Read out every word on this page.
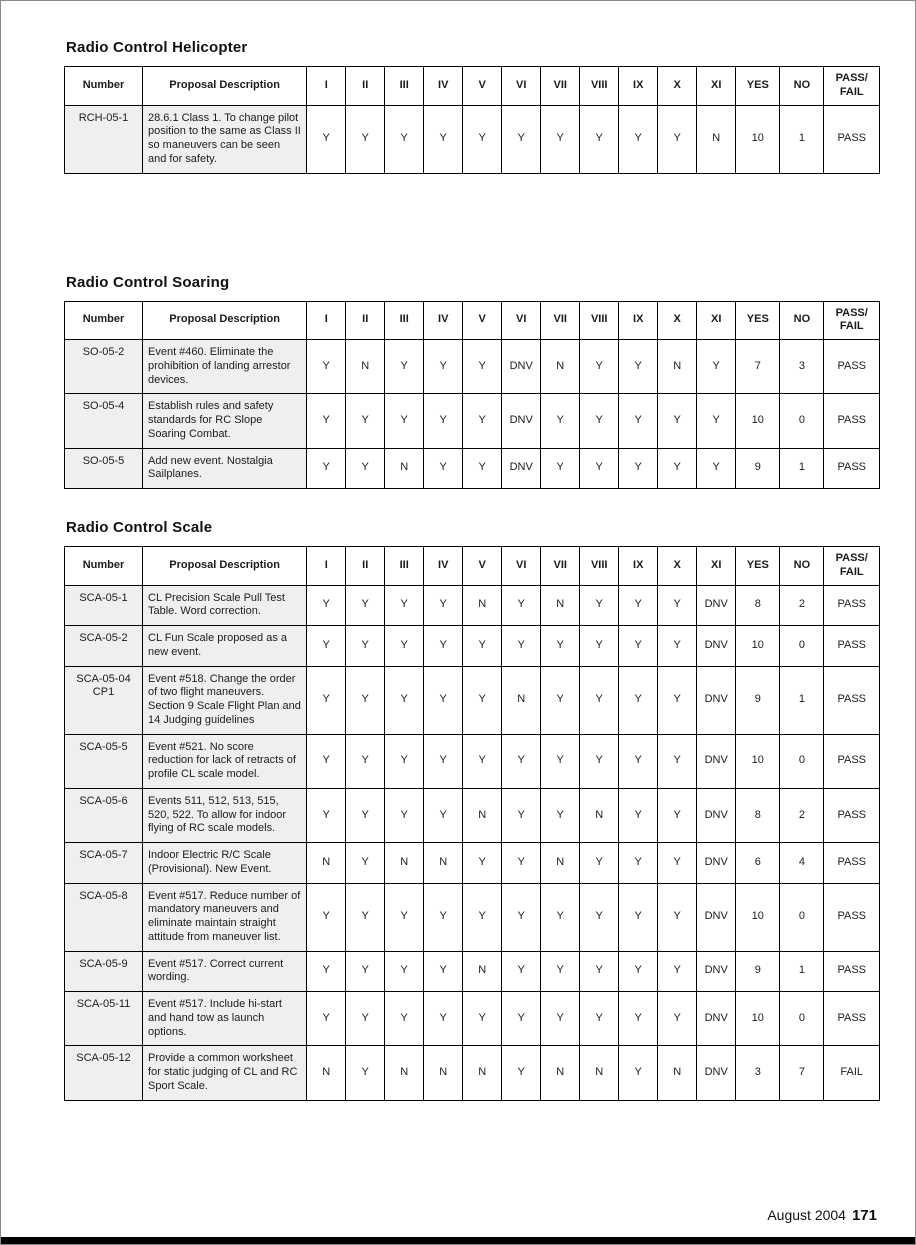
Radio Control Helicopter
Number	Proposal Description	I	II	III	IV	V	VI	VII	VIII	IX	X	XI	YES	NO	PASS/ FAIL
RCH-05-1	28.6.1 Class 1. To change pilot position to the same as Class II so maneuvers can be seen and for safety.	Y	Y	Y	Y	Y	Y	Y	Y	Y	Y	N	10	1	PASS
Radio Control Soaring
Number	Proposal Description	I	II	III	IV	V	VI	VII	VIII	IX	X	XI	YES	NO	PASS/ FAIL
SO-05-2	Event #460. Eliminate the prohibition of landing arrestor devices.	Y	N	Y	Y	Y	DNV	N	Y	Y	N	Y	7	3	PASS
SO-05-4	Establish rules and safety standards for RC Slope Soaring Combat.	Y	Y	Y	Y	Y	DNV	Y	Y	Y	Y	Y	10	0	PASS
SO-05-5	Add new event. Nostalgia Sailplanes.	Y	Y	N	Y	Y	DNV	Y	Y	Y	Y	Y	9	1	PASS
Radio Control Scale
Number	Proposal Description	I	II	III	IV	V	VI	VII	VIII	IX	X	XI	YES	NO	PASS/ FAIL
SCA-05-1	CL Precision Scale Pull Test Table. Word correction.	Y	Y	Y	Y	N	Y	N	Y	Y	Y	DNV	8	2	PASS
SCA-05-2	CL Fun Scale proposed as a new event.	Y	Y	Y	Y	Y	Y	Y	Y	Y	Y	DNV	10	0	PASS
SCA-05-04 CP1	Event #518. Change the order of two flight maneuvers. Section 9 Scale Flight Plan and 14 Judging guidelines	Y	Y	Y	Y	Y	N	Y	Y	Y	Y	DNV	9	1	PASS
SCA-05-5	Event #521. No score reduction for lack of retracts of profile CL scale model.	Y	Y	Y	Y	Y	Y	Y	Y	Y	Y	DNV	10	0	PASS
SCA-05-6	Events 511, 512, 513, 515, 520, 522. To allow for indoor flying of RC scale models.	Y	Y	Y	Y	N	Y	Y	N	Y	Y	DNV	8	2	PASS
SCA-05-7	Indoor Electric R/C Scale (Provisional). New Event.	N	Y	N	N	Y	Y	N	Y	Y	Y	DNV	6	4	PASS
SCA-05-8	Event #517. Reduce number of mandatory maneuvers and eliminate maintain straight attitude from maneuver list.	Y	Y	Y	Y	Y	Y	Y	Y	Y	Y	DNV	10	0	PASS
SCA-05-9	Event #517. Correct current wording.	Y	Y	Y	Y	N	Y	Y	Y	Y	Y	DNV	9	1	PASS
SCA-05-11	Event #517. Include hi-start and hand tow as launch options.	Y	Y	Y	Y	Y	Y	Y	Y	Y	Y	DNV	10	0	PASS
SCA-05-12	Provide a common worksheet for static judging of CL and RC Sport Scale.	N	Y	N	N	N	Y	N	N	Y	N	DNV	3	7	FAIL
August 2004 171
